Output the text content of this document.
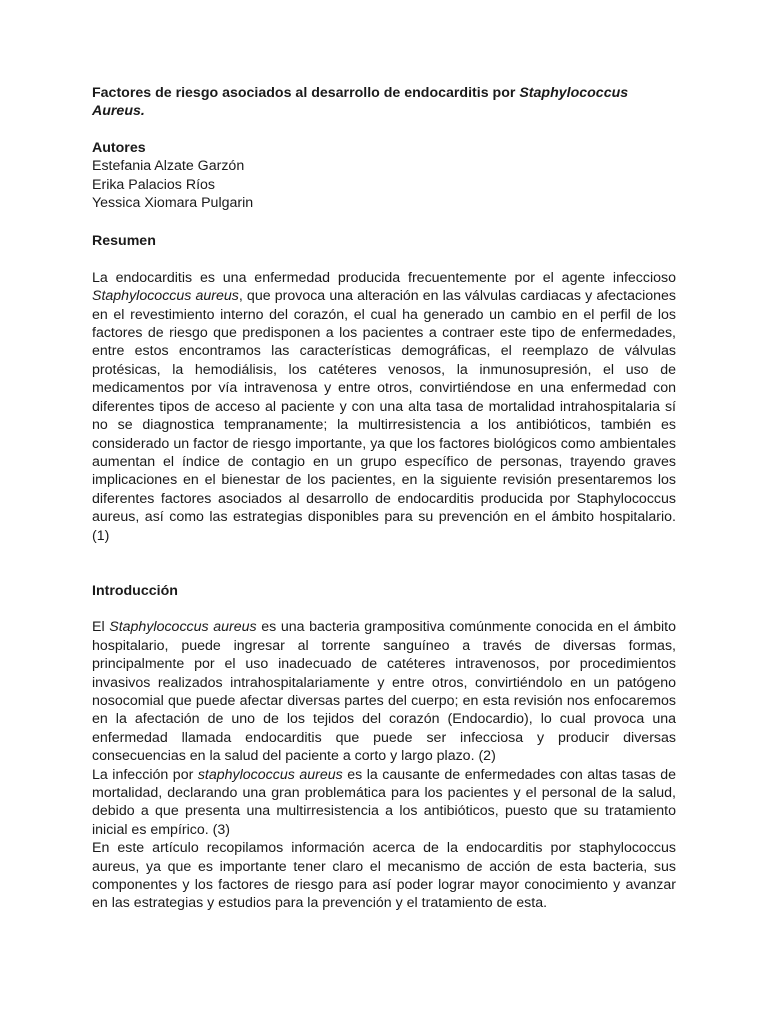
Factores de riesgo asociados al desarrollo de endocarditis por Staphylococcus Aureus.

Autores
Estefania Alzate Garzón
Erika Palacios Ríos
Yessica Xiomara Pulgarin

Resumen

La endocarditis es una enfermedad producida frecuentemente por el agente infeccioso Staphylococcus aureus, que provoca una alteración en las válvulas cardiacas y afectaciones en el revestimiento interno del corazón, el cual ha generado un cambio en el perfil de los factores de riesgo que predisponen a los pacientes a contraer este tipo de enfermedades, entre estos encontramos las características demográficas, el reemplazo de válvulas protésicas, la hemodiálisis, los catéteres venosos, la inmunosupresión, el uso de medicamentos por vía intravenosa y entre otros, convirtiéndose en una enfermedad con diferentes tipos de acceso al paciente y con una alta tasa de mortalidad intrahospitalaria sí no se diagnostica tempranamente; la multirresistencia a los antibióticos, también es considerado un factor de riesgo importante, ya que los factores biológicos como ambientales aumentan el índice de contagio en un grupo específico de personas, trayendo graves implicaciones en el bienestar de los pacientes, en la siguiente revisión presentaremos los diferentes factores asociados al desarrollo de endocarditis producida por Staphylococcus aureus, así como las estrategias disponibles para su prevención en el ámbito hospitalario. (1)

Introducción

El Staphylococcus aureus es una bacteria grampositiva comúnmente conocida en el ámbito hospitalario, puede ingresar al torrente sanguíneo a través de diversas formas, principalmente por el uso inadecuado de catéteres intravenosos, por procedimientos invasivos realizados intrahospitalariamente y entre otros, convirtiéndolo en un patógeno nosocomial que puede afectar diversas partes del cuerpo; en esta revisión nos enfocaremos en la afectación de uno de los tejidos del corazón (Endocardio), lo cual provoca una enfermedad llamada endocarditis que puede ser infecciosa y producir diversas consecuencias en la salud del paciente a corto y largo plazo. (2)

La infección por staphylococcus aureus es la causante de enfermedades con altas tasas de mortalidad, declarando una gran problemática para los pacientes y el personal de la salud, debido a que presenta una multirresistencia a los antibióticos, puesto que su tratamiento inicial es empírico. (3)

En este artículo recopilamos información acerca de la endocarditis por staphylococcus aureus, ya que es importante tener claro el mecanismo de acción de esta bacteria, sus componentes y los factores de riesgo para así poder lograr mayor conocimiento y avanzar en las estrategias y estudios para la prevención y el tratamiento de esta.
